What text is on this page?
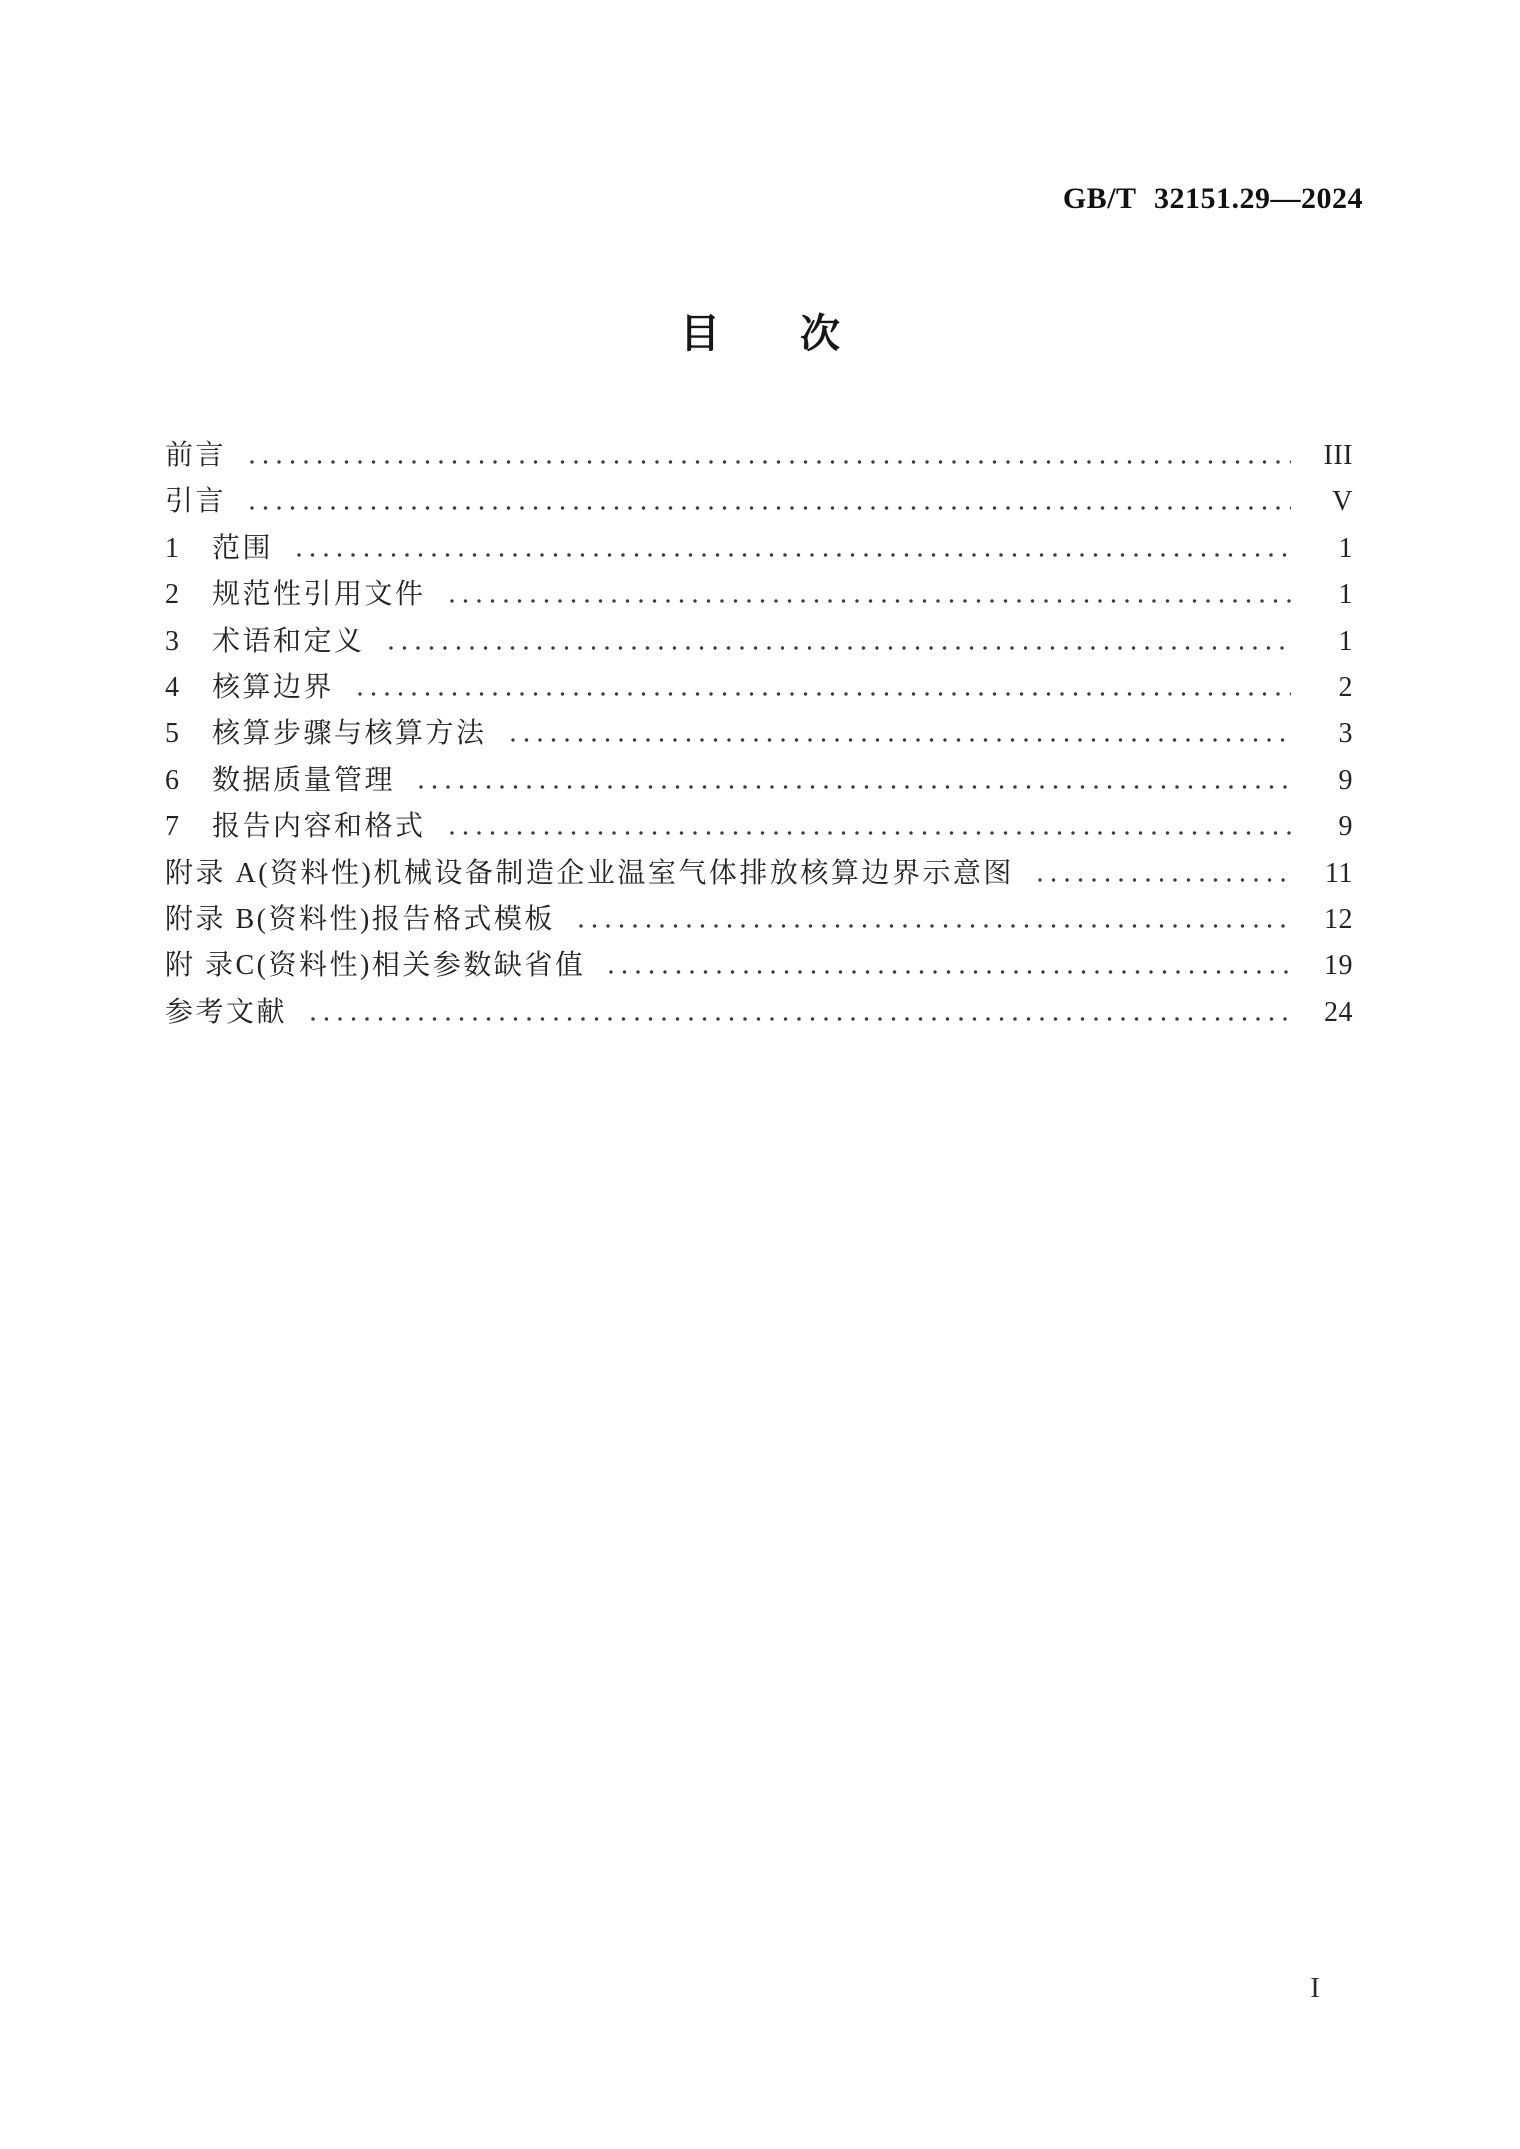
GB/T 32151.29—2024
目　　次
前言	III
引言	V
1	范围	1
2	规范性引用文件	1
3	术语和定义	1
4	核算边界	2
5	核算步骤与核算方法	3
6	数据质量管理	9
7	报告内容和格式	9
附录 A(资料性)机械设备制造企业温室气体排放核算边界示意图	11
附录 B(资料性)报告格式模板	12
附 录C(资料性)相关参数缺省值	19
参考文献	24
I
